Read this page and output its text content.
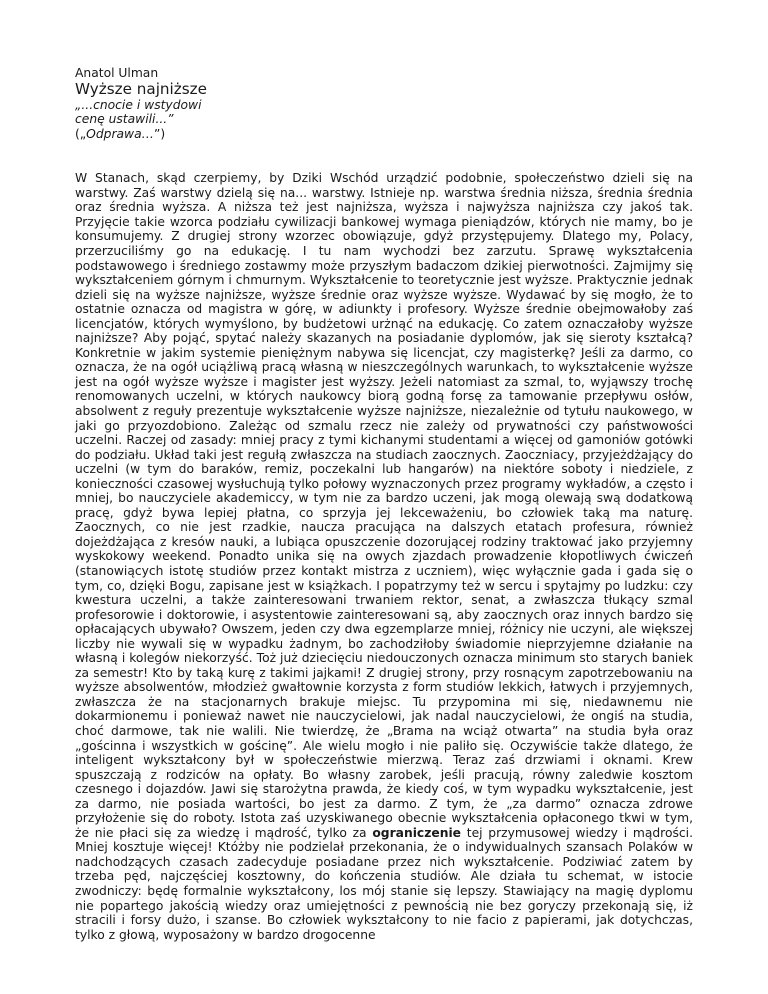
Anatol Ulman
Wyższe najniższe
„...cnocie i wstydowi
cenę ustawili...”
(„Odprawa…”)
W Stanach, skąd czerpiemy, by Dziki Wschód urządzić podobnie, społeczeństwo dzieli się na warstwy. Zaś warstwy dzielą się na... warstwy. Istnieje np. warstwa średnia niższa, średnia średnia oraz średnia wyższa. A niższa też jest najniższa, wyższa i najwyższa najniższa czy jakoś tak. Przyjęcie takie wzorca podziału cywilizacji bankowej wymaga pieniądzów, których nie mamy, bo je konsumujemy. Z drugiej strony wzorzec obowiązuje, gdyż przystępujemy. Dlatego my, Polacy, przerzuciliśmy go na edukację. I tu nam wychodzi bez zarzutu. Sprawę wykształcenia podstawowego i średniego zostawmy może przyszłym badaczom dzikiej pierwotności. Zajmijmy się wykształceniem górnym i chmurnym. Wykształcenie to teoretycznie jest wyższe. Praktycznie jednak dzieli się na wyższe najniższe, wyższe średnie oraz wyższe wyższe. Wydawać by się mogło, że to ostatnie oznacza od magistra w górę, w adiunkty i profesory. Wyższe średnie obejmowałoby zaś licencjatów, których wymyślono, by budżetowi urżnąć na edukację. Co zatem oznaczałoby wyższe najniższe? Aby pojąć, spytać należy skazanych na posiadanie dyplomów, jak się sieroty kształcą? Konkretnie w jakim systemie pieniężnym nabywa się licencjat, czy magisterkę? Jeśli za darmo, co oznacza, że na ogół uciążliwą pracą własną w nieszczególnych warunkach, to wykształcenie wyższe jest na ogół wyższe wyższe i magister jest wyższy. Jeżeli natomiast za szmal, to, wyjąwszy trochę renomowanych uczelni, w których naukowcy biorą godną forsę za tamowanie przepływu osłów, absolwent z reguły prezentuje wykształcenie wyższe najniższe, niezależnie od tytułu naukowego, w jaki go przyozdobiono. Zależąc od szmalu rzecz nie zależy od prywatności czy państwowości uczelni. Raczej od zasady: mniej pracy z tymi kichanymi studentami a więcej od gamoniów gotówki do podziału. Układ taki jest regułą zwłaszcza na studiach zaocznych. Zaoczniacy, przyjeżdżający do uczelni (w tym do baraków, remiz, poczekalni lub hangarów) na niektóre soboty i niedziele, z konieczności czasowej wysłuchują tylko połowy wyznaczonych przez programy wykładów, a często i mniej, bo nauczyciele akademiccy, w tym nie za bardzo uczeni, jak mogą olewają swą dodatkową pracę, gdyż bywa lepiej płatna, co sprzyja jej lekceważeniu, bo człowiek taką ma naturę. Zaocznych, co nie jest rzadkie, naucza pracująca na dalszych etatach profesura, również dojeżdżająca z kresów nauki, a lubiąca opuszczenie dozorującej rodziny traktować jako przyjemny wyskokowy weekend. Ponadto unika się na owych zjazdach prowadzenie kłopotliwych ćwiczeń (stanowiących istotę studiów przez kontakt mistrza z uczniem), więc wyłącznie gada i gada się o tym, co, dzięki Bogu, zapisane jest w książkach. I popatrzymy też w sercu i spytajmy po ludzku: czy kwestura uczelni, a także zainteresowani trwaniem rektor, senat, a zwłaszcza tłukący szmal profesorowie i doktorowie, i asystentowie zainteresowani są, aby zaocznych oraz innych bardzo się opłacających ubywało? Owszem, jeden czy dwa egzemplarze mniej, różnicy nie uczyni, ale większej liczby nie wywali się w wypadku żadnym, bo zachodziłoby świadomie nieprzyjemne działanie na własną i kolegów niekorzyść. Toż już dziecięciu niedouczonych oznacza minimum sto starych baniek za semestr! Kto by taką kurę z takimi jajkami! Z drugiej strony, przy rosnącym zapotrzebowaniu na wyższe absolwentów, młodzież gwałtownie korzysta z form studiów lekkich, łatwych i przyjemnych, zwłaszcza że na stacjonarnych brakuje miejsc. Tu przypomina mi się, niedawnemu nie dokarmionemu i ponieważ nawet nie nauczycielowi, jak nadal nauczycielowi, że ongiś na studia, choć darmowe, tak nie walili. Nie twierdzę, że „Brama na wciąż otwarta” na studia była oraz „gościnna i wszystkich w gościnę”. Ale wielu mogło i nie paliło się. Oczywiście także dlatego, że inteligent wykształcony był w społeczeństwie mierzwą. Teraz zaś drzwiami i oknami. Krew spuszczają z rodziców na opłaty. Bo własny zarobek, jeśli pracują, równy zaledwie kosztom czesnego i dojazdów. Jawi się starożytna prawda, że kiedy coś, w tym wypadku wykształcenie, jest za darmo, nie posiada wartości, bo jest za darmo. Z tym, że „za darmo” oznacza zdrowe przyłożenie się do roboty. Istota zaś uzyskiwanego obecnie wykształcenia opłaconego tkwi w tym, że nie płaci się za wiedzę i mądrość, tylko za ograniczenie tej przymusowej wiedzy i mądrości. Mniej kosztuje więcej! Któżby nie podzielał przekonania, że o indywidualnych szansach Polaków w nadchodzących czasach zadecyduje posiadane przez nich wykształcenie. Podziwiać zatem by trzeba pęd, najczęściej kosztowny, do kończenia studiów. Ale działa tu schemat, w istocie zwodniczy: będę formalnie wykształcony, los mój stanie się lepszy. Stawiający na magię dyplomu nie popartego jakością wiedzy oraz umiejętności z pewnością nie bez goryczy przekonają się, iż stracili i forsy dużo, i szanse. Bo człowiek wykształcony to nie facio z papierami, jak dotychczas, tylko z głową, wyposażony w bardzo drogocenne
